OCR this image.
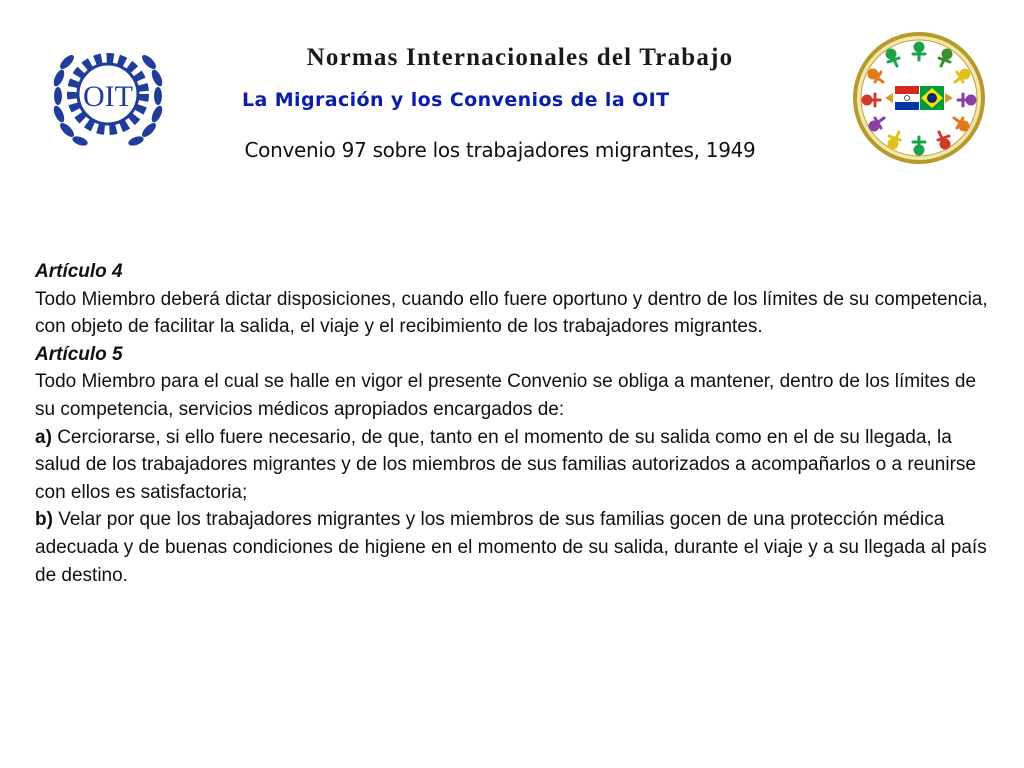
OIT
Normas Internacionales del Trabajo
La Migración y los Convenios de la OIT
Convenio 97 sobre los trabajadores migrantes, 1949

Artículo 4

Todo Miembro deberá dictar disposiciones, cuando ello fuere oportuno y dentro de los límites de su competencia, con objeto de facilitar la salida, el viaje y el recibimiento de los trabajadores migrantes.

Artículo 5

Todo Miembro para el cual se halle en vigor el presente Convenio se obliga a mantener, dentro de los límites de su competencia, servicios médicos apropiados encargados de:

a) Cerciorarse, si ello fuere necesario, de que, tanto en el momento de su salida como en el de su llegada, la salud de los trabajadores migrantes y de los miembros de sus familias autorizados a acompañarlos o a reunirse con ellos es satisfactoria;

b) Velar por que los trabajadores migrantes y los miembros de sus familias gocen de una protección médica adecuada y de buenas condiciones de higiene en el momento de su salida, durante el viaje y a su llegada al país de destino.
